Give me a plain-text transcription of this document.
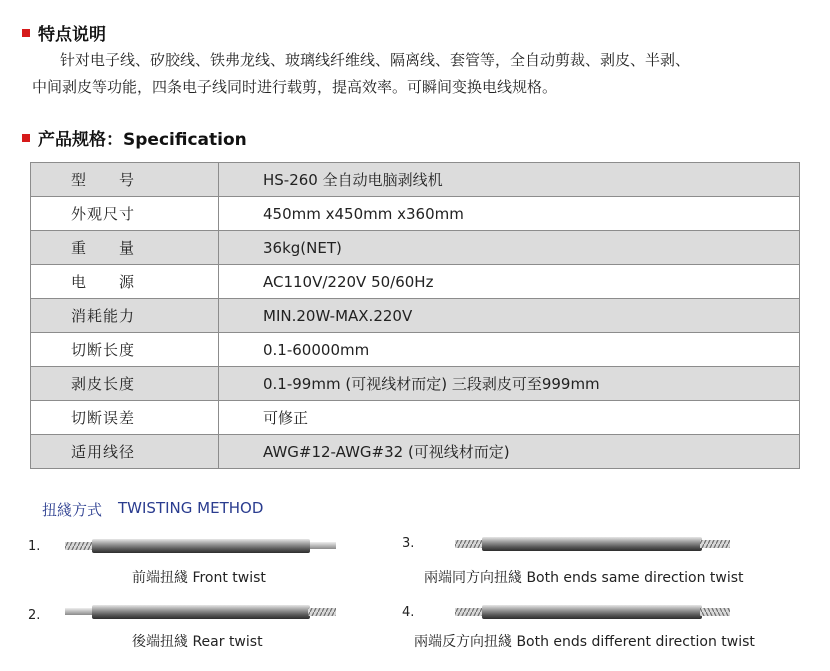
特点说明
针对电子线、矽胶线、铁弗龙线、玻璃线纤维线、隔离线、套管等，全自动剪裁、剥皮、半剥、
中间剥皮等功能，四条电子线同时进行载剪，提高效率。可瞬间变换电线规格。
产品规格：Specification
型　　号	HS-260 全自动电脑剥线机
外观尺寸	450mm x450mm x360mm
重　　量	36kg(NET)
电　　源	AC110V/220V 50/60Hz
消耗能力	MIN.20W-MAX.220V
切断长度	0.1-60000mm
剥皮长度	0.1-99mm (可视线材而定) 三段剥皮可至999mm
切断误差	可修正
适用线径	AWG#12-AWG#32 (可视线材而定)
扭綫方式 TWISTING METHOD
1.
前端扭綫 Front twist
2.
後端扭綫 Rear twist
3.
兩端同方向扭綫 Both ends same direction twist
4.
兩端反方向扭綫 Both ends different direction twist
